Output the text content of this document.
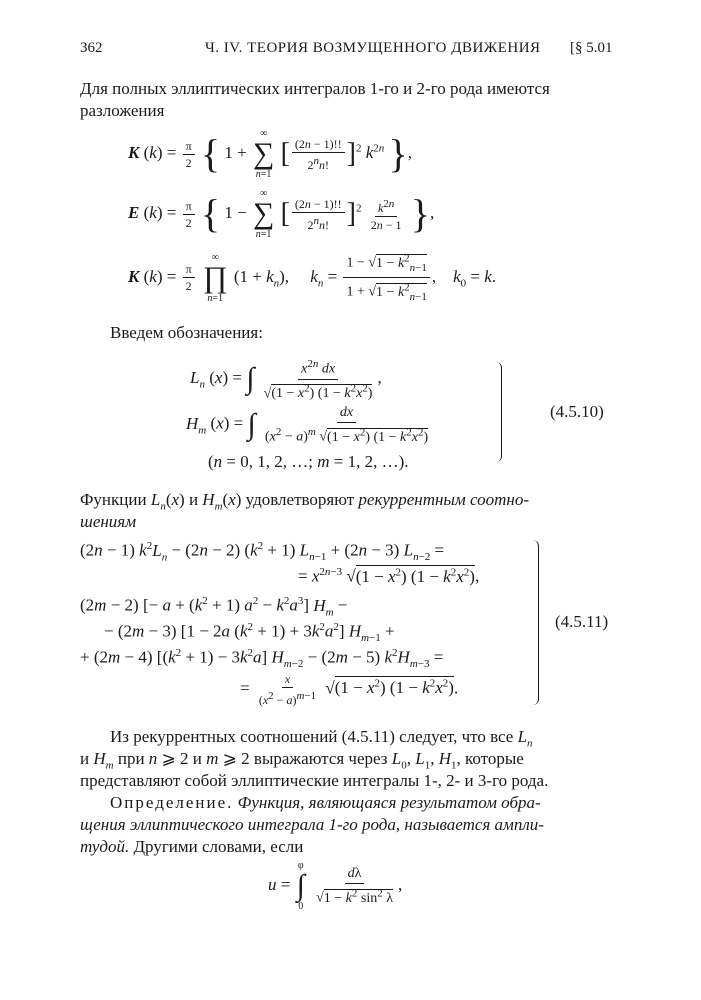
362	Ч. IV. ТЕОРИЯ ВОЗМУЩЕННОГО ДВИЖЕНИЯ [§ 5.01
Для полных эллиптических интегралов 1-го и 2-го рода имеются
разложения
K $(k) = \frac{\pi}{2}$ { 1 +
∞
∑
n=1
[ $\frac{(2n - 1)!!}{2^nn!} ]^2$ $k^{2n}$ },
E $(k) = \frac{\pi}{2}$ { 1 −
∞
∑
n=1
[ $\frac{(2n - 1)!!}{2^nn!} ]^2 \frac{k^{2n}}{2n - 1}$ },
K $(k) = \frac{\pi}{2}$

∞
∏
n=1
$(1 + k_n)$,     $k_n = \frac{1 - √1 - k^2_{n-1}}{1 + √1 - k^2_{n-1}}$ ,    $k_0 = k$.
Введем обозначения:
$L_n$ (x) = ∫ $\frac{x^{2n} dx}{√(1 - x^2) (1 - k^2x^2)}$ ,
$H_m$ (x) = ∫ $\frac{dx}{(x^2 - a)^m √(1 - x^2) (1 - k^2x^2)}$
(n = 0, 1, 2, …; m = 1, 2, …).
(4.5.10)
Функции $L_n(x)$ и $H_m(x)$ удовлетворяют рекуррентным соотно-
шениям
(2n − 1) $k^2L_n - (2n - 2) (k^2 + 1) L_{n-1} + (2n - 3) L_{n-2}$ =
= $x^{2n-3}$ $√(1 - x^2)$ $(1 - k^2x^2)$,
(2m − 2) [− $a + (k^2 + 1) a^2 - k^2a^3$] $H_m$ −
− (2m − 3) [1 − 2a $(k^2 + 1) + 3k^2a^2$] $H_{m-1}$ +
+ (2m − 4) $[(k^2 + 1) - 3k^2a] H_{m-2} - (2m - 5) k^2H_{m-3}$ =
= $\frac{x}{(x^2 - a)^{m-1}} √(1 - x^2) (1 - k^2x^2)$.
(4.5.11)
Из рекуррентных соотношений (4.5.11) следует, что все $L_n$
и $H_m$ при n ⩾ 2 и m ⩾ 2 выражаются через $L_0$, $L_1$, $H_1$, которые
представляют собой эллиптические интегралы 1-, 2- и 3-го рода.
Определение. Функция, являющаяся результатом обра-
щения эллиптического интеграла 1-го рода, называется ампли-
тудой. Другими словами, если
u =
φ
∫
0
$\frac{d\lambda}{√1 - k^2 \sin^2 \lambda}$ ,
